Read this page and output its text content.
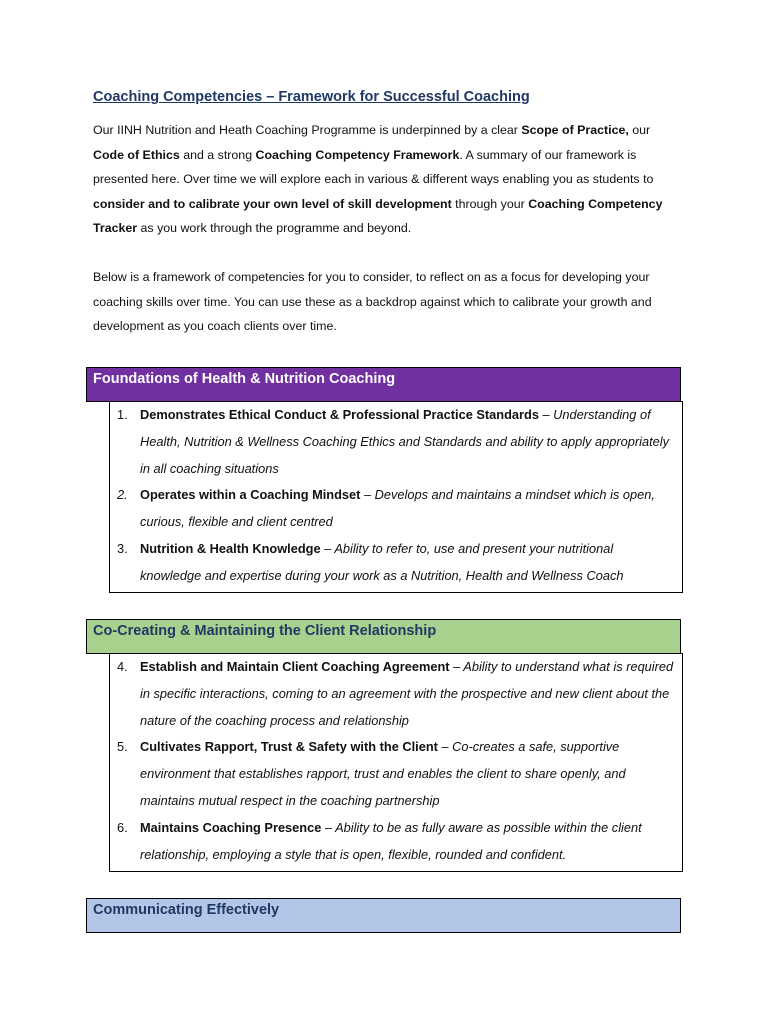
Coaching Competencies – Framework for Successful Coaching

Our IINH Nutrition and Heath Coaching Programme is underpinned by a clear Scope of Practice, our Code of Ethics and a strong Coaching Competency Framework. A summary of our framework is presented here. Over time we will explore each in various & different ways enabling you as students to consider and to calibrate your own level of skill development through your Coaching Competency Tracker as you work through the programme and beyond.

Below is a framework of competencies for you to consider, to reflect on as a focus for developing your coaching skills over time. You can use these as a backdrop against which to calibrate your growth and development as you coach clients over time.

Foundations of Health & Nutrition Coaching
1. Demonstrates Ethical Conduct & Professional Practice Standards – Understanding of Health, Nutrition & Wellness Coaching Ethics and Standards and ability to apply appropriately in all coaching situations
2. Operates within a Coaching Mindset – Develops and maintains a mindset which is open, curious, flexible and client centred
3. Nutrition & Health Knowledge – Ability to refer to, use and present your nutritional knowledge and expertise during your work as a Nutrition, Health and Wellness Coach
Co-Creating & Maintaining the Client Relationship
4. Establish and Maintain Client Coaching Agreement – Ability to understand what is required in specific interactions, coming to an agreement with the prospective and new client about the nature of the coaching process and relationship
5. Cultivates Rapport, Trust & Safety with the Client – Co-creates a safe, supportive environment that establishes rapport, trust and enables the client to share openly, and maintains mutual respect in the coaching partnership
6. Maintains Coaching Presence – Ability to be as fully aware as possible within the client relationship, employing a style that is open, flexible, rounded and confident.
Communicating Effectively
